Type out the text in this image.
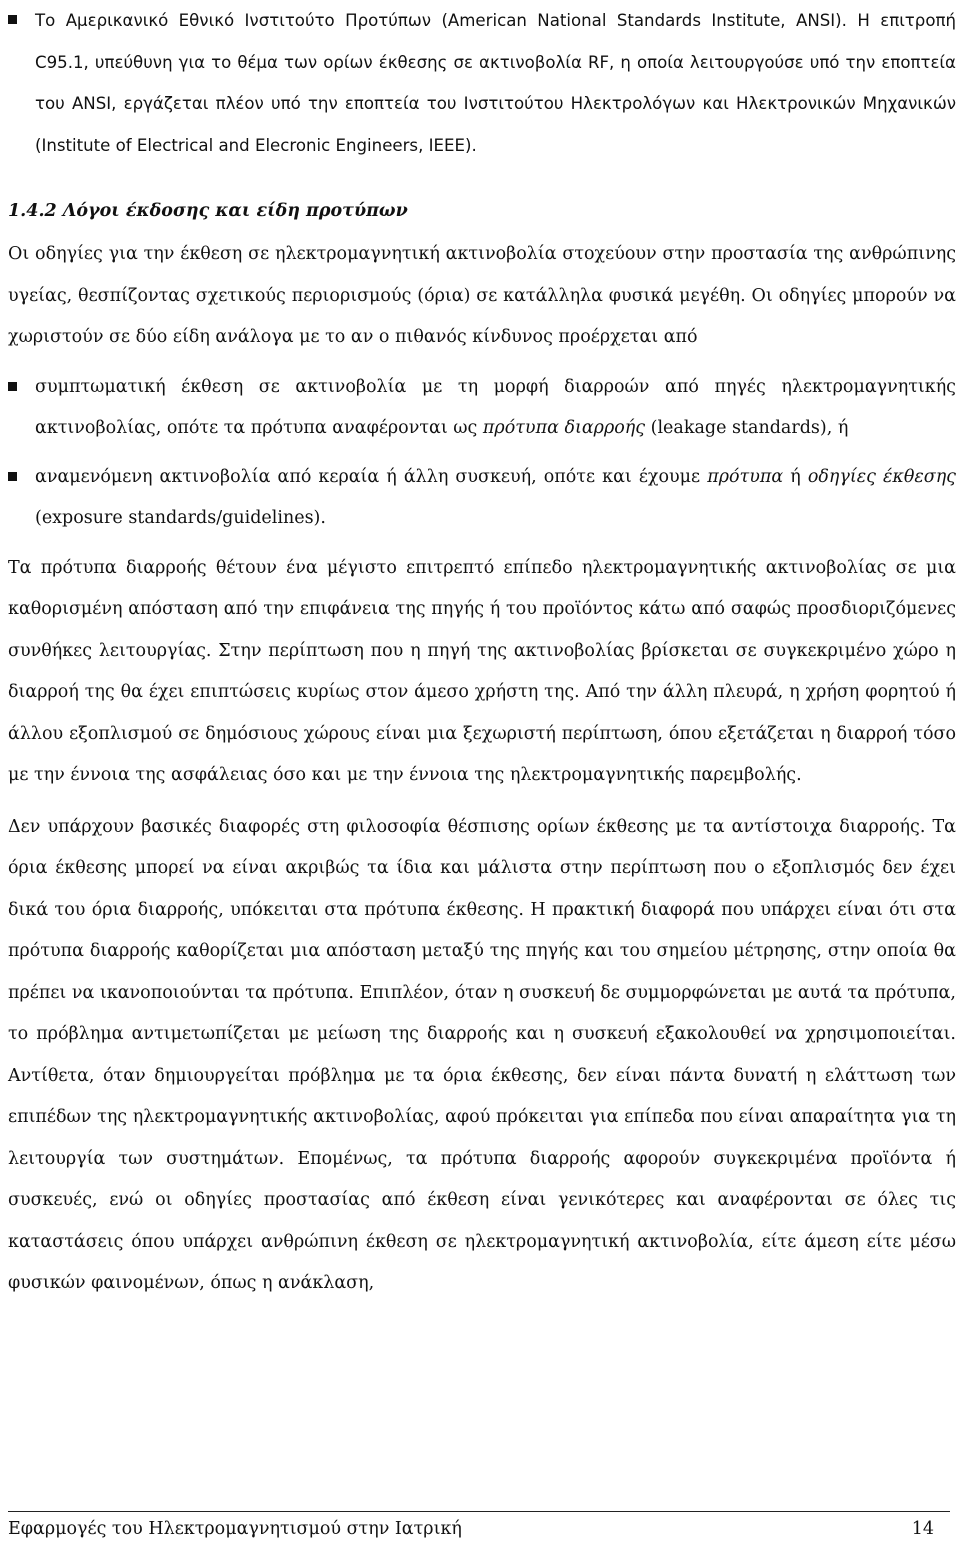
Το Αμερικανικό Εθνικό Ινστιτούτο Προτύπων (American National Standards Institute, ANSI). Η επιτροπή C95.1, υπεύθυνη για το θέμα των ορίων έκθεσης σε ακτινοβολία RF, η οποία λειτουργούσε υπό την εποπτεία του ANSI, εργάζεται πλέον υπό την εποπτεία του Ινστιτούτου Ηλεκτρολόγων και Ηλεκτρονικών Μηχανικών (Institute of Electrical and Elecronic Engineers, IEEE).

1.4.2 Λόγοι έκδοσης και είδη προτύπων

Οι οδηγίες για την έκθεση σε ηλεκτρομαγνητική ακτινοβολία στοχεύουν στην προστασία της ανθρώπινης υγείας, θεσπίζοντας σχετικούς περιορισμούς (όρια) σε κατάλληλα φυσικά μεγέθη. Οι οδηγίες μπορούν να χωριστούν σε δύο είδη ανάλογα με το αν ο πιθανός κίνδυνος προέρχεται από

συμπτωματική έκθεση σε ακτινοβολία με τη μορφή διαρροών από πηγές ηλεκτρομαγνητικής ακτινοβολίας, οπότε τα πρότυπα αναφέρονται ως πρότυπα διαρροής (leakage standards), ή

αναμενόμενη ακτινοβολία από κεραία ή άλλη συσκευή, οπότε και έχουμε πρότυπα ή οδηγίες έκθεσης (exposure standards/guidelines).

Τα πρότυπα διαρροής θέτουν ένα μέγιστο επιτρεπτό επίπεδο ηλεκτρομαγνητικής ακτινοβολίας σε μια καθορισμένη απόσταση από την επιφάνεια της πηγής ή του προϊόντος κάτω από σαφώς προσδιοριζόμενες συνθήκες λειτουργίας. Στην περίπτωση που η πηγή της ακτινοβολίας βρίσκεται σε συγκεκριμένο χώρο η διαρροή της θα έχει επιπτώσεις κυρίως στον άμεσο χρήστη της. Από την άλλη πλευρά, η χρήση φορητού ή άλλου εξοπλισμού σε δημόσιους χώρους είναι μια ξεχωριστή περίπτωση, όπου εξετάζεται η διαρροή τόσο με την έννοια της ασφάλειας όσο και με την έννοια της ηλεκτρομαγνητικής παρεμβολής.

Δεν υπάρχουν βασικές διαφορές στη φιλοσοφία θέσπισης ορίων έκθεσης με τα αντίστοιχα διαρροής. Τα όρια έκθεσης μπορεί να είναι ακριβώς τα ίδια και μάλιστα στην περίπτωση που ο εξοπλισμός δεν έχει δικά του όρια διαρροής, υπόκειται στα πρότυπα έκθεσης. Η πρακτική διαφορά που υπάρχει είναι ότι στα πρότυπα διαρροής καθορίζεται μια απόσταση μεταξύ της πηγής και του σημείου μέτρησης, στην οποία θα πρέπει να ικανοποιούνται τα πρότυπα. Επιπλέον, όταν η συσκευή δε συμμορφώνεται με αυτά τα πρότυπα, το πρόβλημα αντιμετωπίζεται με μείωση της διαρροής και η συσκευή εξακολουθεί να χρησιμοποιείται. Αντίθετα, όταν δημιουργείται πρόβλημα με τα όρια έκθεσης, δεν είναι πάντα δυνατή η ελάττωση των επιπέδων της ηλεκτρομαγνητικής ακτινοβολίας, αφού πρόκειται για επίπεδα που είναι απαραίτητα για τη λειτουργία των συστημάτων. Επομένως, τα πρότυπα διαρροής αφορούν συγκεκριμένα προϊόντα ή συσκευές, ενώ οι οδηγίες προστασίας από έκθεση είναι γενικότερες και αναφέρονται σε όλες τις καταστάσεις όπου υπάρχει ανθρώπινη έκθεση σε ηλεκτρομαγνητική ακτινοβολία, είτε άμεση είτε μέσω φυσικών φαινομένων, όπως η ανάκλαση,

Εφαρμογές του Ηλεκτρομαγνητισμού στην Ιατρική	14
